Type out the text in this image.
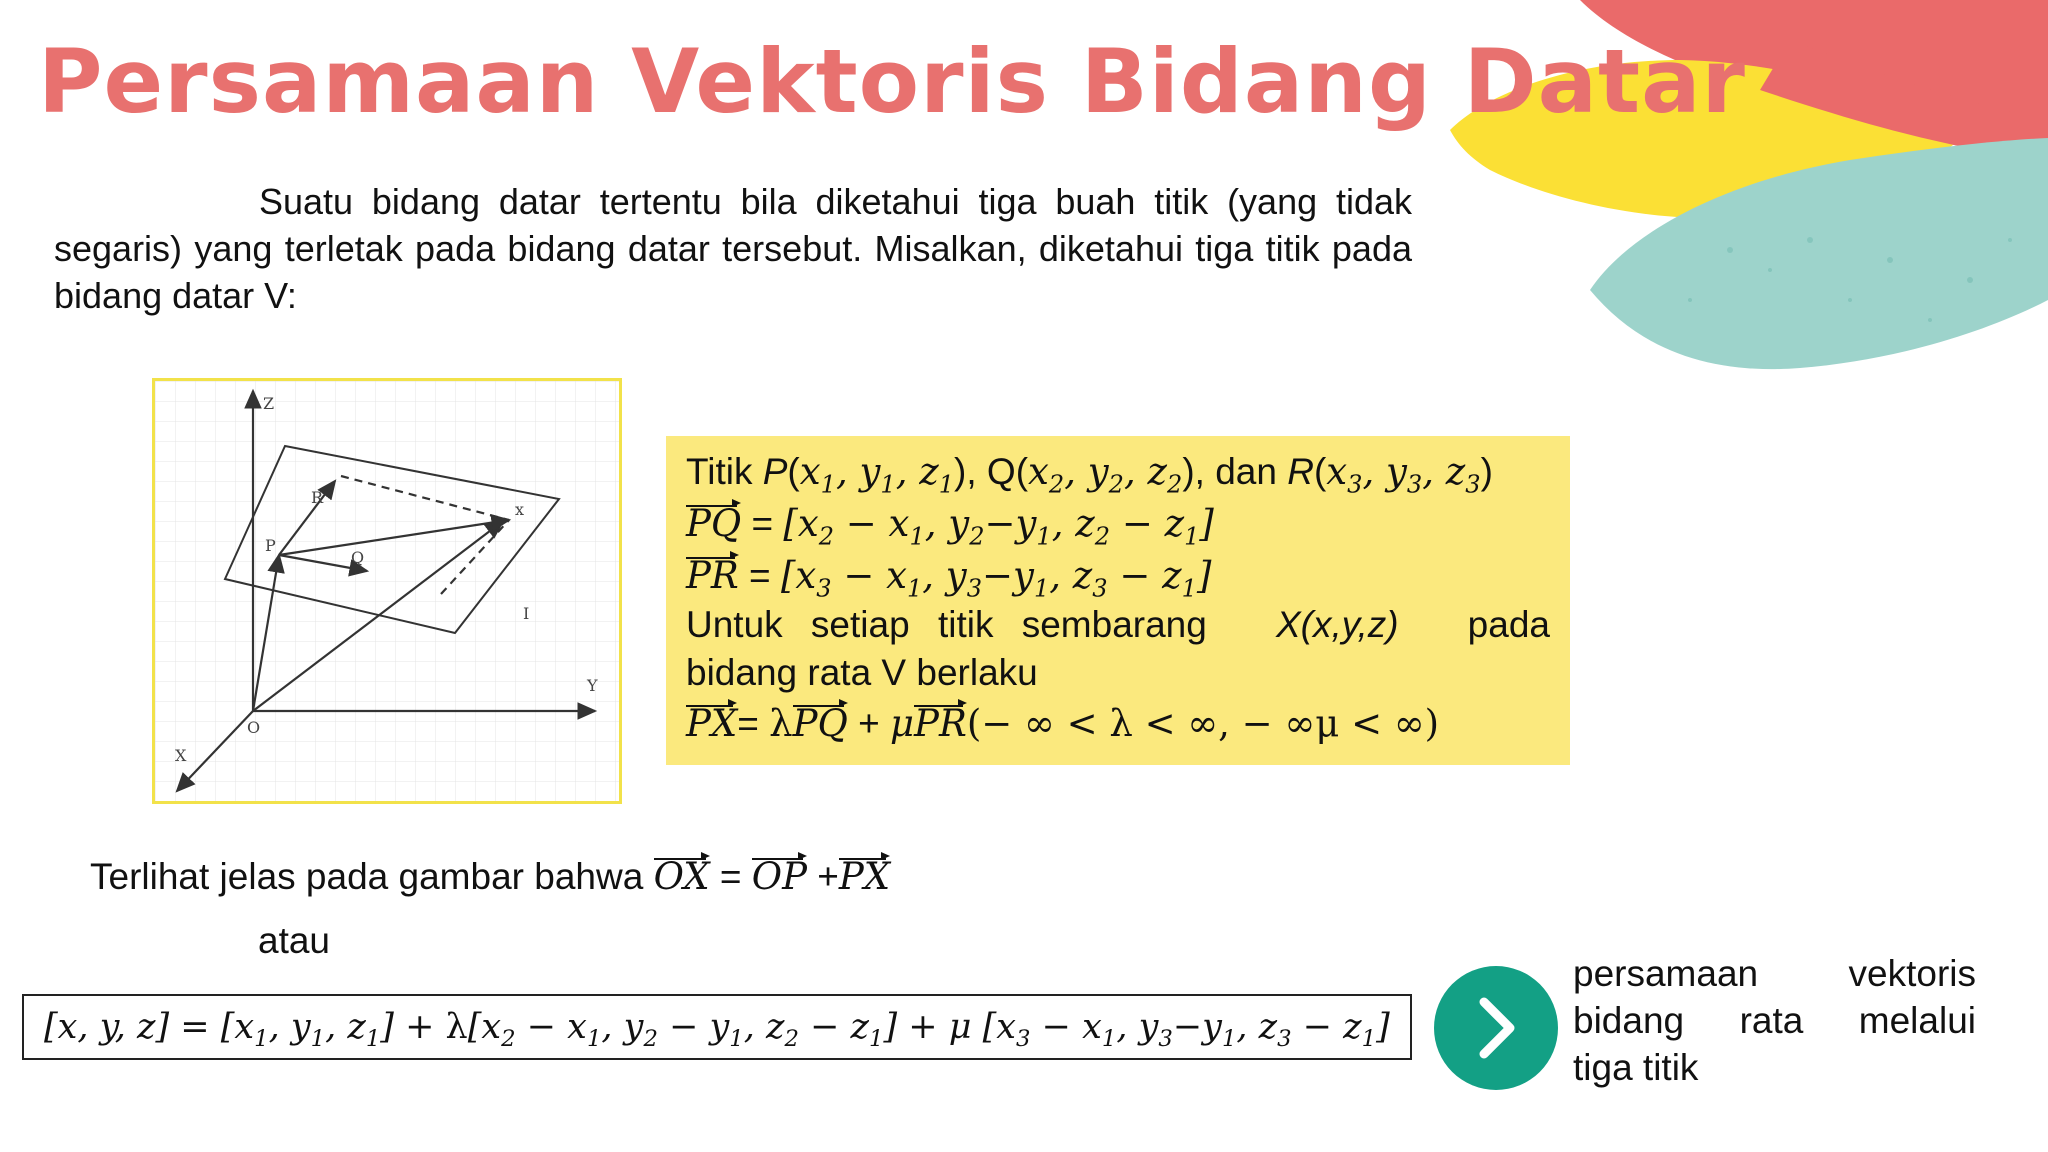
Persamaan Vektoris Bidang Datar
Suatu bidang datar tertentu bila diketahui tiga buah titik (yang tidak segaris) yang terletak pada bidang datar tersebut. Misalkan, diketahui tiga titik pada bidang datar V:
Z
Y
X
O
P
Q
R
x
I
Titik $P(x_1$, $y_1$, $z_1$), $Q(x_2$, $y_2$, $z_2$), dan $R(x_3$, $y_3$, $z_3$)
PQ = [$x_2 - x_1$, $y_2-y_1$, $z_2 - z_1$]
PR = [$x_3 - x_1$, $y_3-y_1$, $z_3 - z_1$]
Untuk setiap titik sembarang X(x,y,z) pada
bidang rata V berlaku
PX= λPQ + μPR(− ∞ < λ < ∞, − ∞μ < ∞)
Terlihat jelas pada gambar bahwa OX = OP +PX
atau
[x, y, $z] = [x_1$, $y_1$, $z_1] + \lambda[x_2 - x_1$, $y_2 - y_1$, $z_2 - z_1] + \mu$ [$x_3 - x_1$, $y_3-y_1$, $z_3 - z_1$]
persamaan vektoris bidang rata melalui
tiga titik
